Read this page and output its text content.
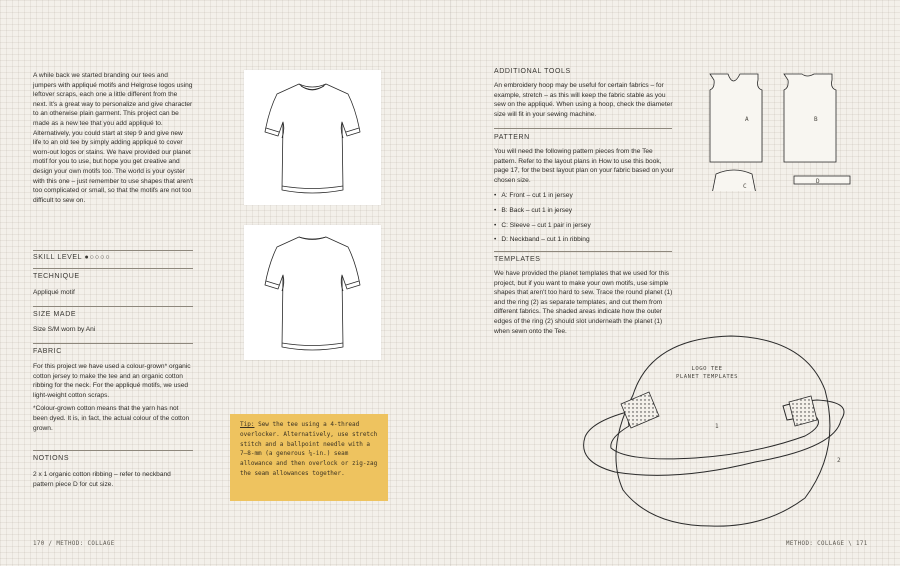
A while back we started branding our tees and jumpers with appliqué motifs and Helgrose logos using leftover scraps, each one a little different from the next. It's a great way to personalize and give character to an otherwise plain garment. This project can be made as a new tee that you add appliqué to. Alternatively, you could start at step 9 and give new life to an old tee by simply adding appliqué to cover worn-out logos or stains. We have provided our planet motif for you to use, but hope you get creative and design your own motifs too. The world is your oyster with this one – just remember to use shapes that aren't too complicated or small, so that the motifs are not too difficult to sew on.

SKILL LEVEL ●○○○○
TECHNIQUE
Appliqué motif
SIZE MADE
Size S/M worn by Ani
FABRIC

For this project we have used a colour-grown* organic cotton jersey to make the tee and an organic cotton ribbing for the neck. For the appliqué motifs, we used light-weight cotton scraps.

*Colour-grown cotton means that the yarn has not been dyed. It is, in fact, the actual colour of the cotton grown.

NOTIONS
2 x 1 organic cotton ribbing – refer to neckband pattern piece D for cut size.
Tip: Sew the tee using a 4-thread overlocker. Alternatively, use stretch stitch and a ballpoint needle with a 7–8-mm (a generous ¼-in.) seam allowance and then overlock or zig-zag the seam allowances together.
ADDITIONAL TOOLS

An embroidery hoop may be useful for certain fabrics – for example, stretch – as this will keep the fabric stable as you sew on the appliqué. When using a hoop, check the diameter size will fit in your sewing machine.

PATTERN

You will need the following pattern pieces from the Tee pattern. Refer to the layout plans in How to use this book, page 17, for the best layout plan on your fabric based on your chosen size.

• A: Front – cut 1 in jersey
• B: Back – cut 1 in jersey
• C: Sleeve – cut 1 pair in jersey
• D: Neckband – cut 1 in ribbing
TEMPLATES

We have provided the planet templates that we used for this project, but if you want to make your own motifs, use simple shapes that aren't too hard to sew. Trace the round planet (1) and the ring (2) as separate templates, and cut them from different fabrics. The shaded areas indicate how the outer edges of the ring (2) should slot underneath the planet (1) when sewn onto the Tee.

A	B
C
D
LOGO TEE
PLANET TEMPLATES
1
2
170 / METHOD: COLLAGE	METHOD: COLLAGE \ 171
